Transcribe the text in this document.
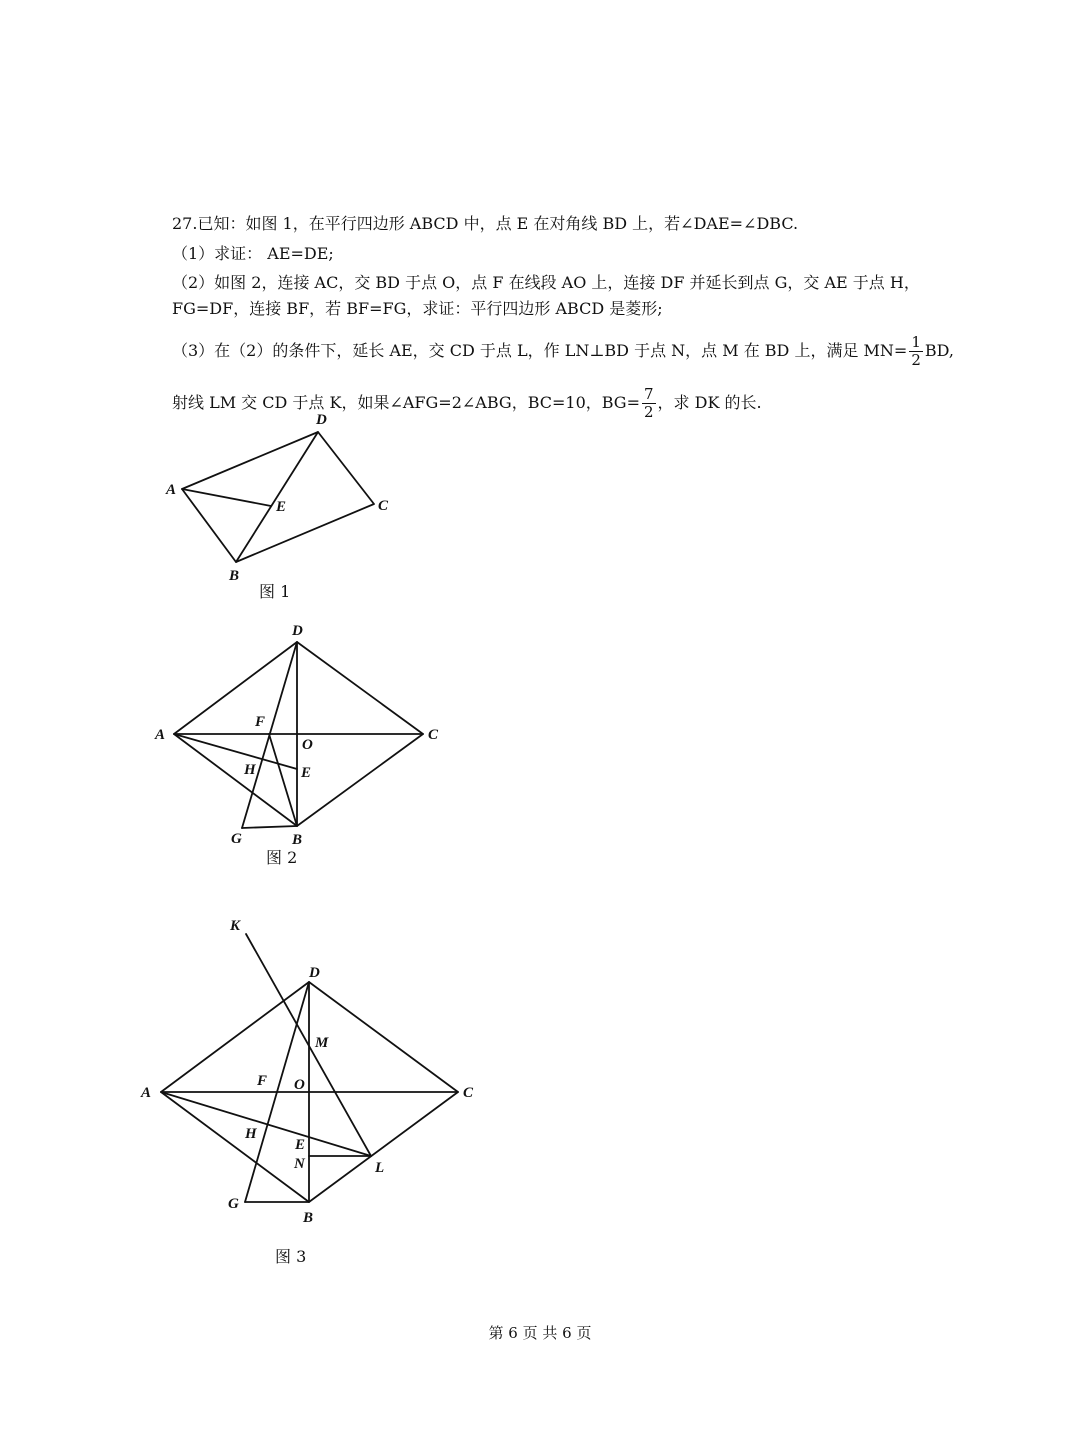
27.已知：如图 1，在平行四边形 ABCD 中，点 E 在对角线 BD 上，若∠DAE=∠DBC.
（1）求证： AE=DE;
（2）如图 2，连接 AC，交 BD 于点 O，点 F 在线段 AO 上，连接 DF 并延长到点 G，交 AE 于点 H，
FG=DF，连接 BF，若 BF=FG，求证：平行四边形 ABCD 是菱形;
（3）在（2）的条件下，延长 AE，交 CD 于点 L，作 LN⊥BD 于点 N，点 M 在 BD 上，满足 $MN= \frac{1}{2}$ BD,
射线 LM 交 CD 于点 K，如果∠AFG=2∠ABG，BC=10，$BG= \frac{7}{2}$ ，求 DK 的长.
A
B
C
D
E
A
B
C
D
E
F
G
H
O
A
B
C
D
E
F
G
H
O
K
L
M
N
图 1
图 2
图 3
第 6 页 共 6 页
